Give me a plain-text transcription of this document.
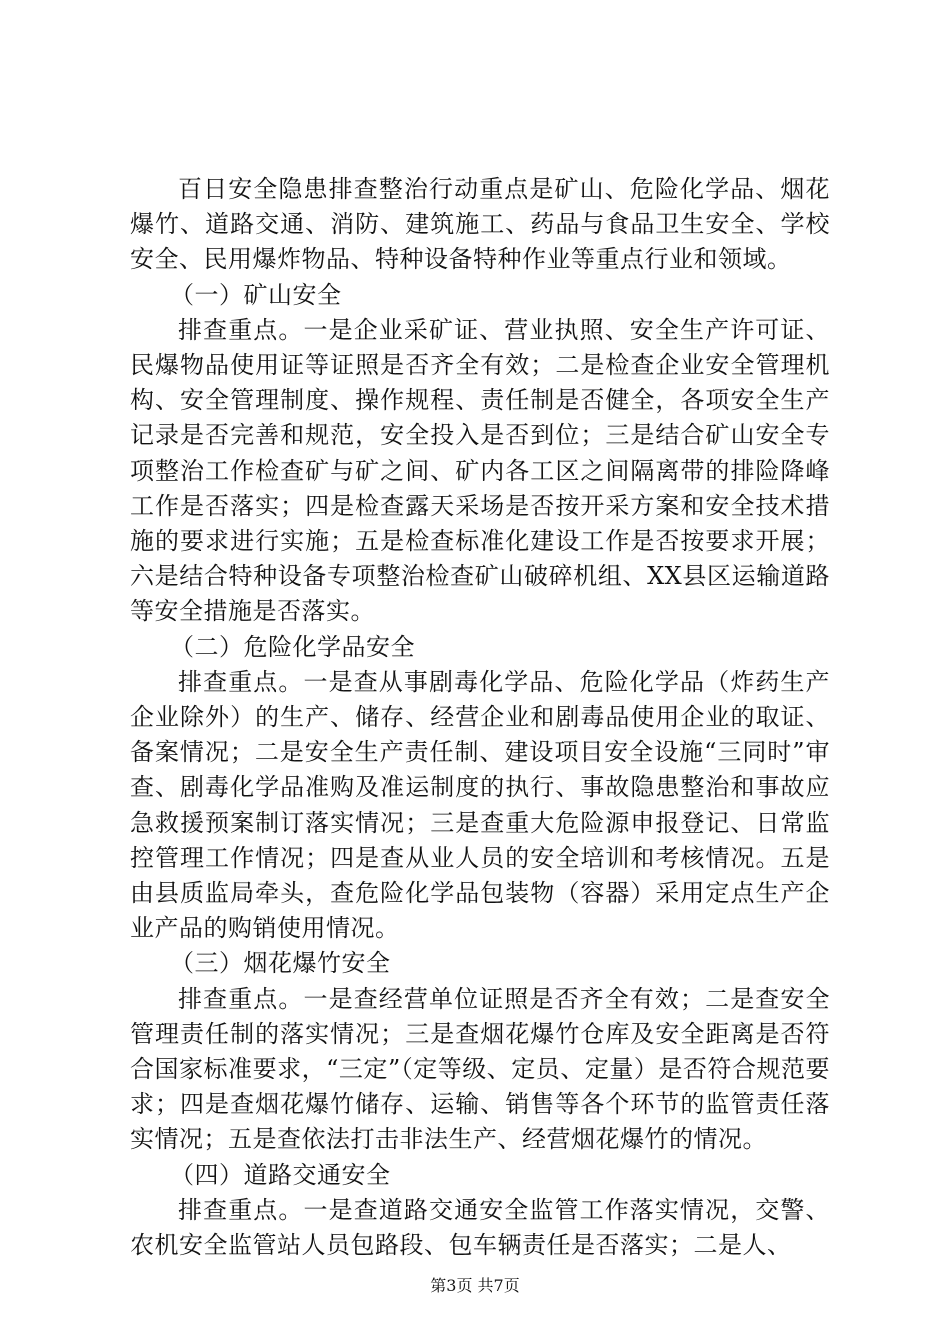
百日安全隐患排查整治行动重点是矿山、危险化学品、烟花爆竹、道路交通、消防、建筑施工、药品与食品卫生安全、学校安全、民用爆炸物品、特种设备特种作业等重点行业和领域。

（一）矿山安全

排查重点。一是企业采矿证、营业执照、安全生产许可证、民爆物品使用证等证照是否齐全有效；二是检查企业安全管理机构、安全管理制度、操作规程、责任制是否健全，各项安全生产记录是否完善和规范，安全投入是否到位；三是结合矿山安全专项整治工作检查矿与矿之间、矿内各工区之间隔离带的排险降峰工作是否落实；四是检查露天采场是否按开采方案和安全技术措施的要求进行实施；五是检查标准化建设工作是否按要求开展；六是结合特种设备专项整治检查矿山破碎机组、XX县区运输道路等安全措施是否落实。

（二）危险化学品安全

排查重点。一是查从事剧毒化学品、危险化学品（炸药生产企业除外）的生产、储存、经营企业和剧毒品使用企业的取证、备案情况；二是安全生产责任制、建设项目安全设施“三同时”审查、剧毒化学品准购及准运制度的执行、事故隐患整治和事故应急救援预案制订落实情况；三是查重大危险源申报登记、日常监控管理工作情况；四是查从业人员的安全培训和考核情况。五是由县质监局牵头，查危险化学品包装物（容器）采用定点生产企业产品的购销使用情况。

（三）烟花爆竹安全

排查重点。一是查经营单位证照是否齐全有效；二是查安全管理责任制的落实情况；三是查烟花爆竹仓库及安全距离是否符合国家标准要求，“三定”（定等级、定员、定量）是否符合规范要求；四是查烟花爆竹储存、运输、销售等各个环节的监管责任落实情况；五是查依法打击非法生产、经营烟花爆竹的情况。

（四）道路交通安全

排查重点。一是查道路交通安全监管工作落实情况，交警、农机安全监管站人员包路段、包车辆责任是否落实；二是人、

第3页 共7页
